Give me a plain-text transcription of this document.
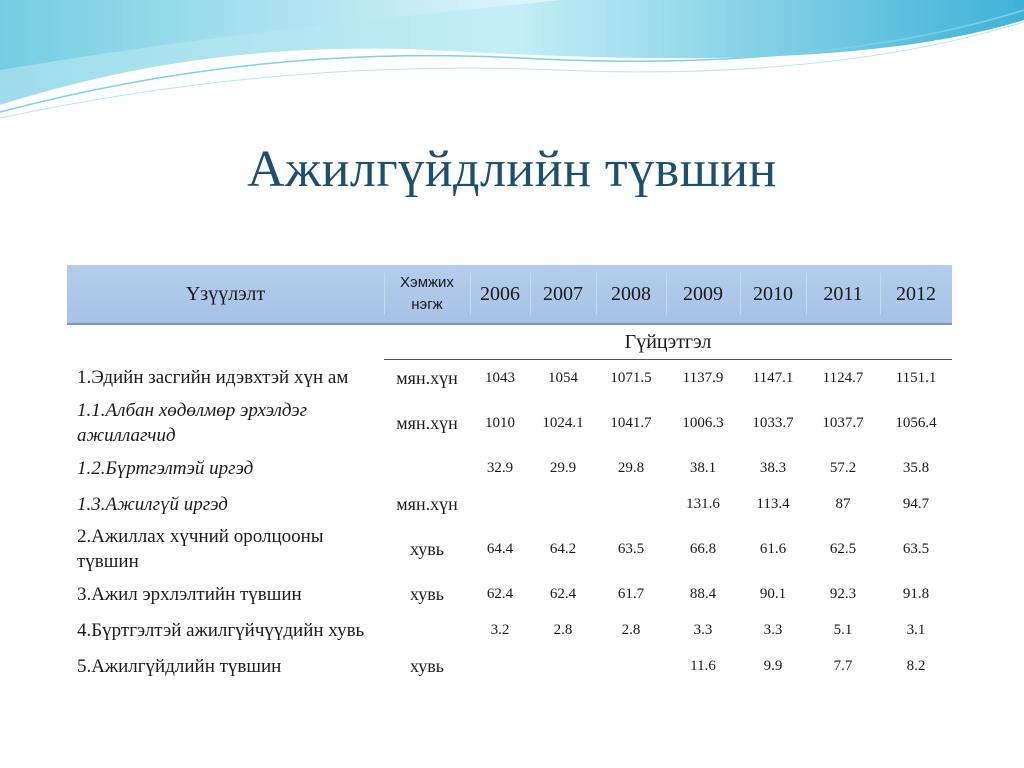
Ажилгүйдлийн түвшин
Үзүүлэлт	Хэмжих нэгж	2006	2007	2008	2009	2010	2011	2012
	Гүйцэтгэл							
1.Эдийн засгийн идэвхтэй хүн ам	мян.хүн	1043	1054	1071.5	1137.9	1147.1	1124.7	1151.1
1.1.Албан хөдөлмөр эрхэлдэг ажиллагчид	мян.хүн	1010	1024.1	1041.7	1006.3	1033.7	1037.7	1056.4
1.2.Бүртгэлтэй иргэд		32.9	29.9	29.8	38.1	38.3	57.2	35.8
1.3.Ажилгүй иргэд	мян.хүн				131.6	113.4	87	94.7
2.Ажиллах хүчний оролцооны түвшин	хувь	64.4	64.2	63.5	66.8	61.6	62.5	63.5
3.Ажил эрхлэлтийн түвшин	хувь	62.4	62.4	61.7	88.4	90.1	92.3	91.8
4.Бүртгэлтэй ажилгүйчүүдийн хувь		3.2	2.8	2.8	3.3	3.3	5.1	3.1
5.Ажилгүйдлийн түвшин	хувь				11.6	9.9	7.7	8.2
